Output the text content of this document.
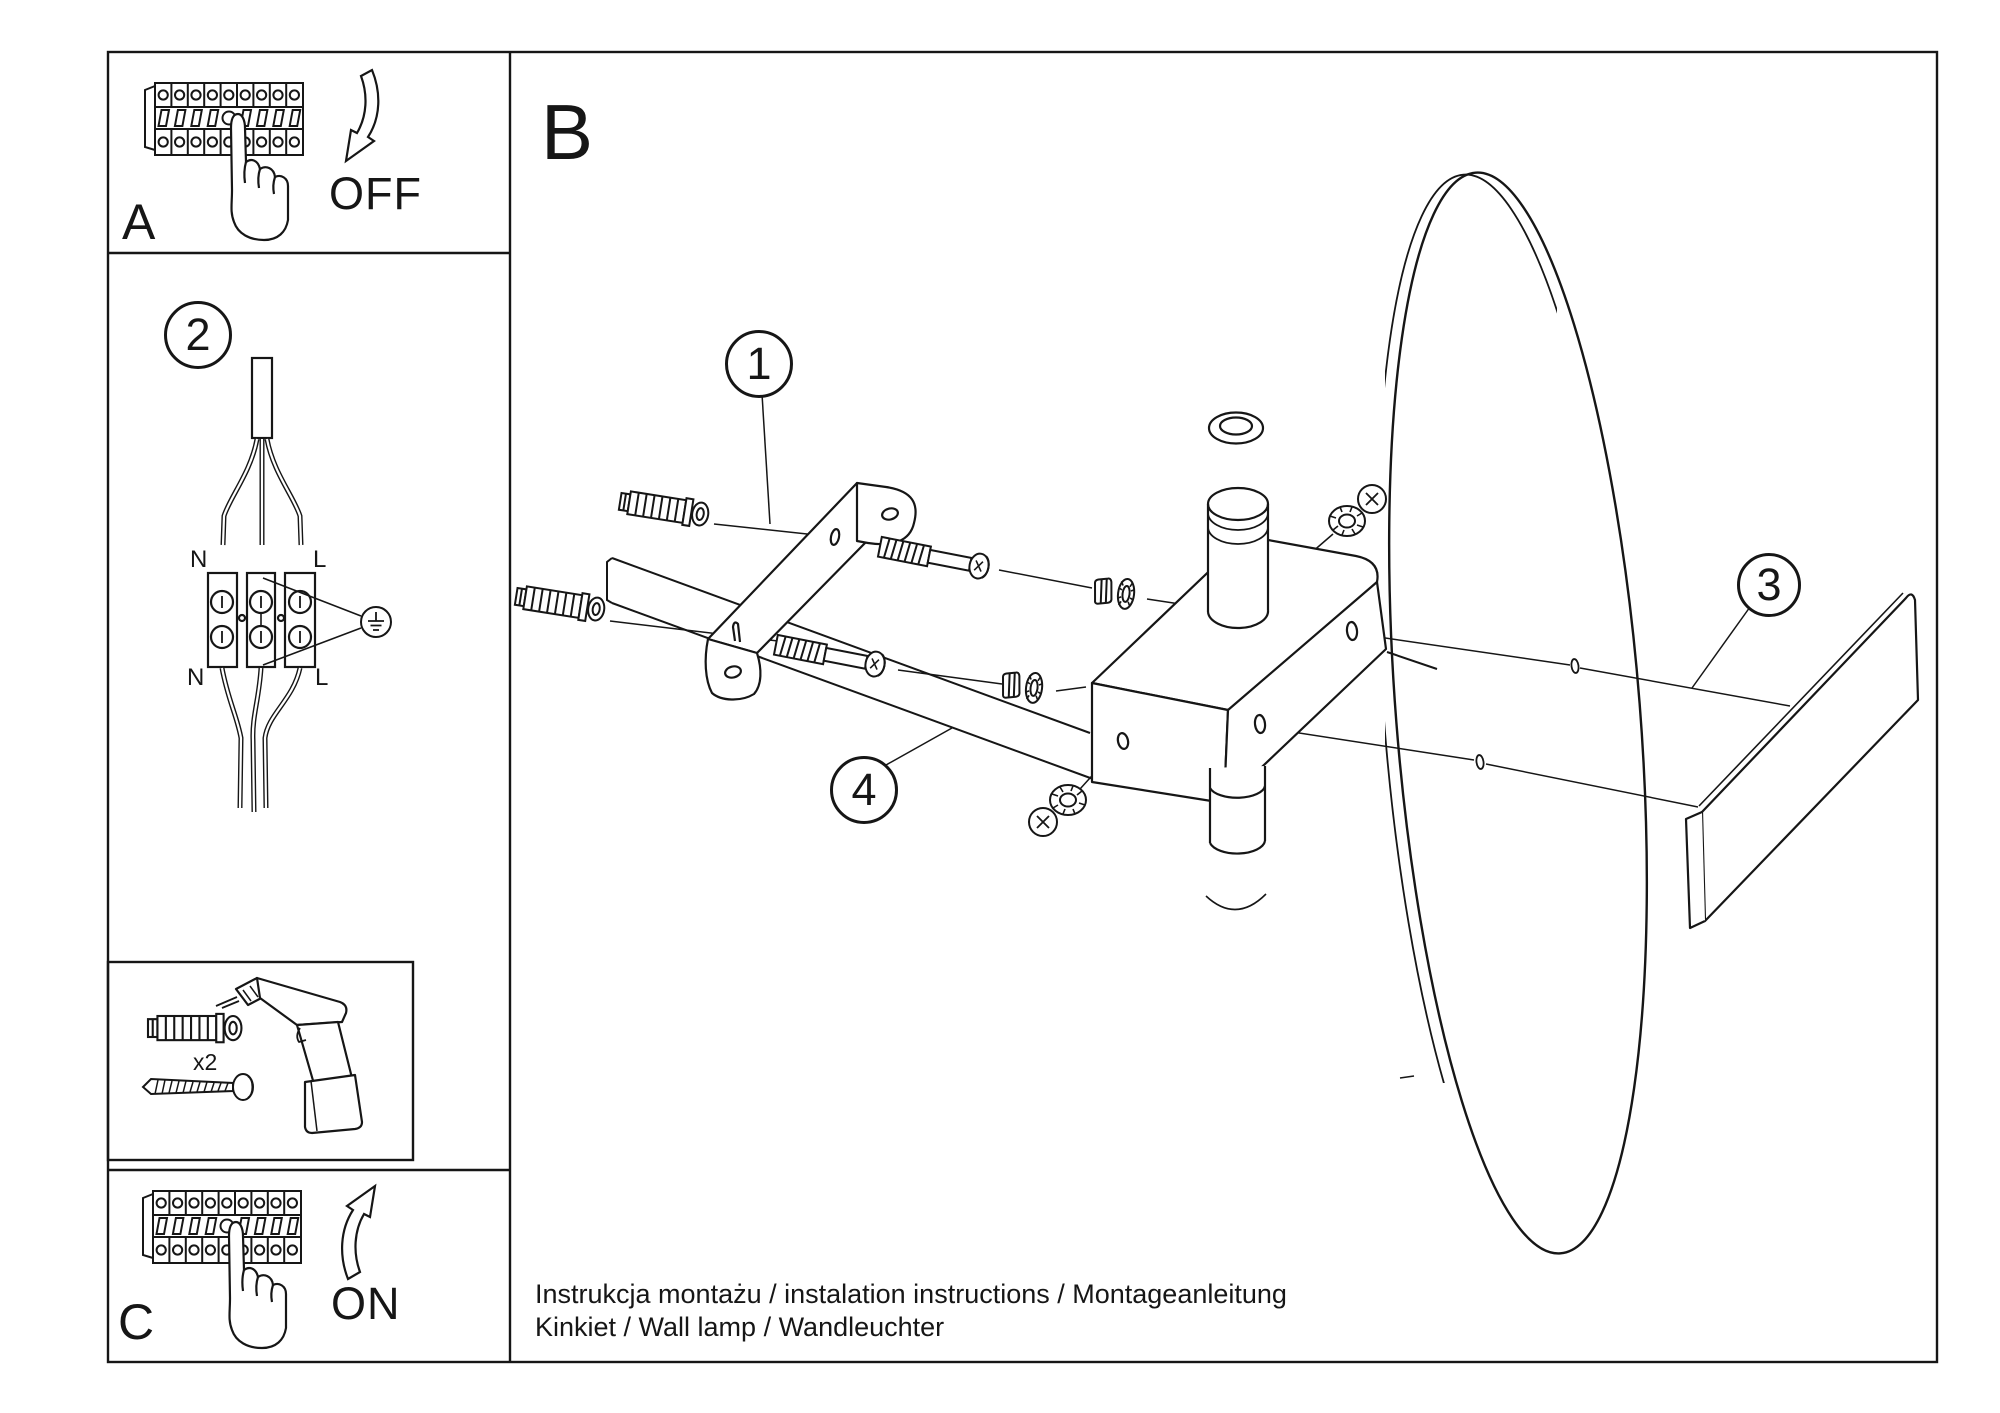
A
OFF
B
2
N	L
N	L
x2
C	ON
1
3
4
Instrukcja montażu / instalation instructions / Montageanleitung
Kinkiet / Wall lamp / Wandleuchter
